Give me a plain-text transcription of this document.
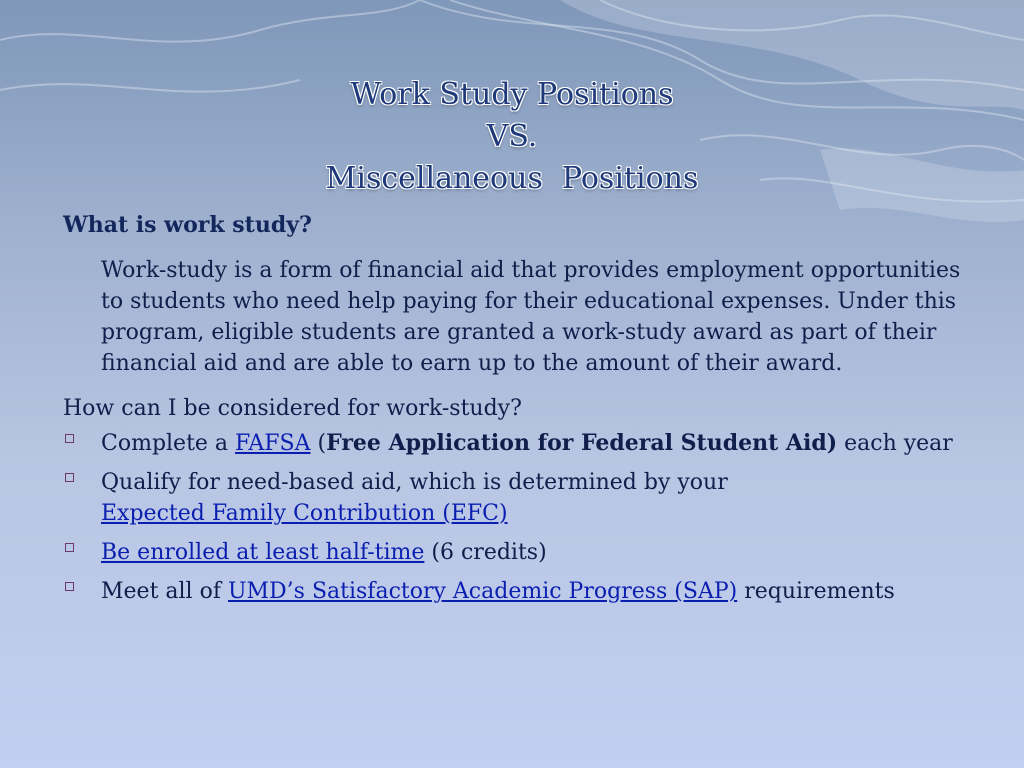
Work Study Positions
VS.
Miscellaneous  Positions
What is work study?
Work-study is a form of financial aid that provides employment opportunities to students who need help paying for their educational expenses. Under this program, eligible students are granted a work-study award as part of their financial aid and are able to earn up to the amount of their award.
How can I be considered for work-study?
Complete a FAFSA (Free Application for Federal Student Aid) each year
Qualify for need-based aid, which is determined by your
Expected Family Contribution (EFC)
Be enrolled at least half-time (6 credits)
Meet all of UMD’s Satisfactory Academic Progress (SAP) requirements
